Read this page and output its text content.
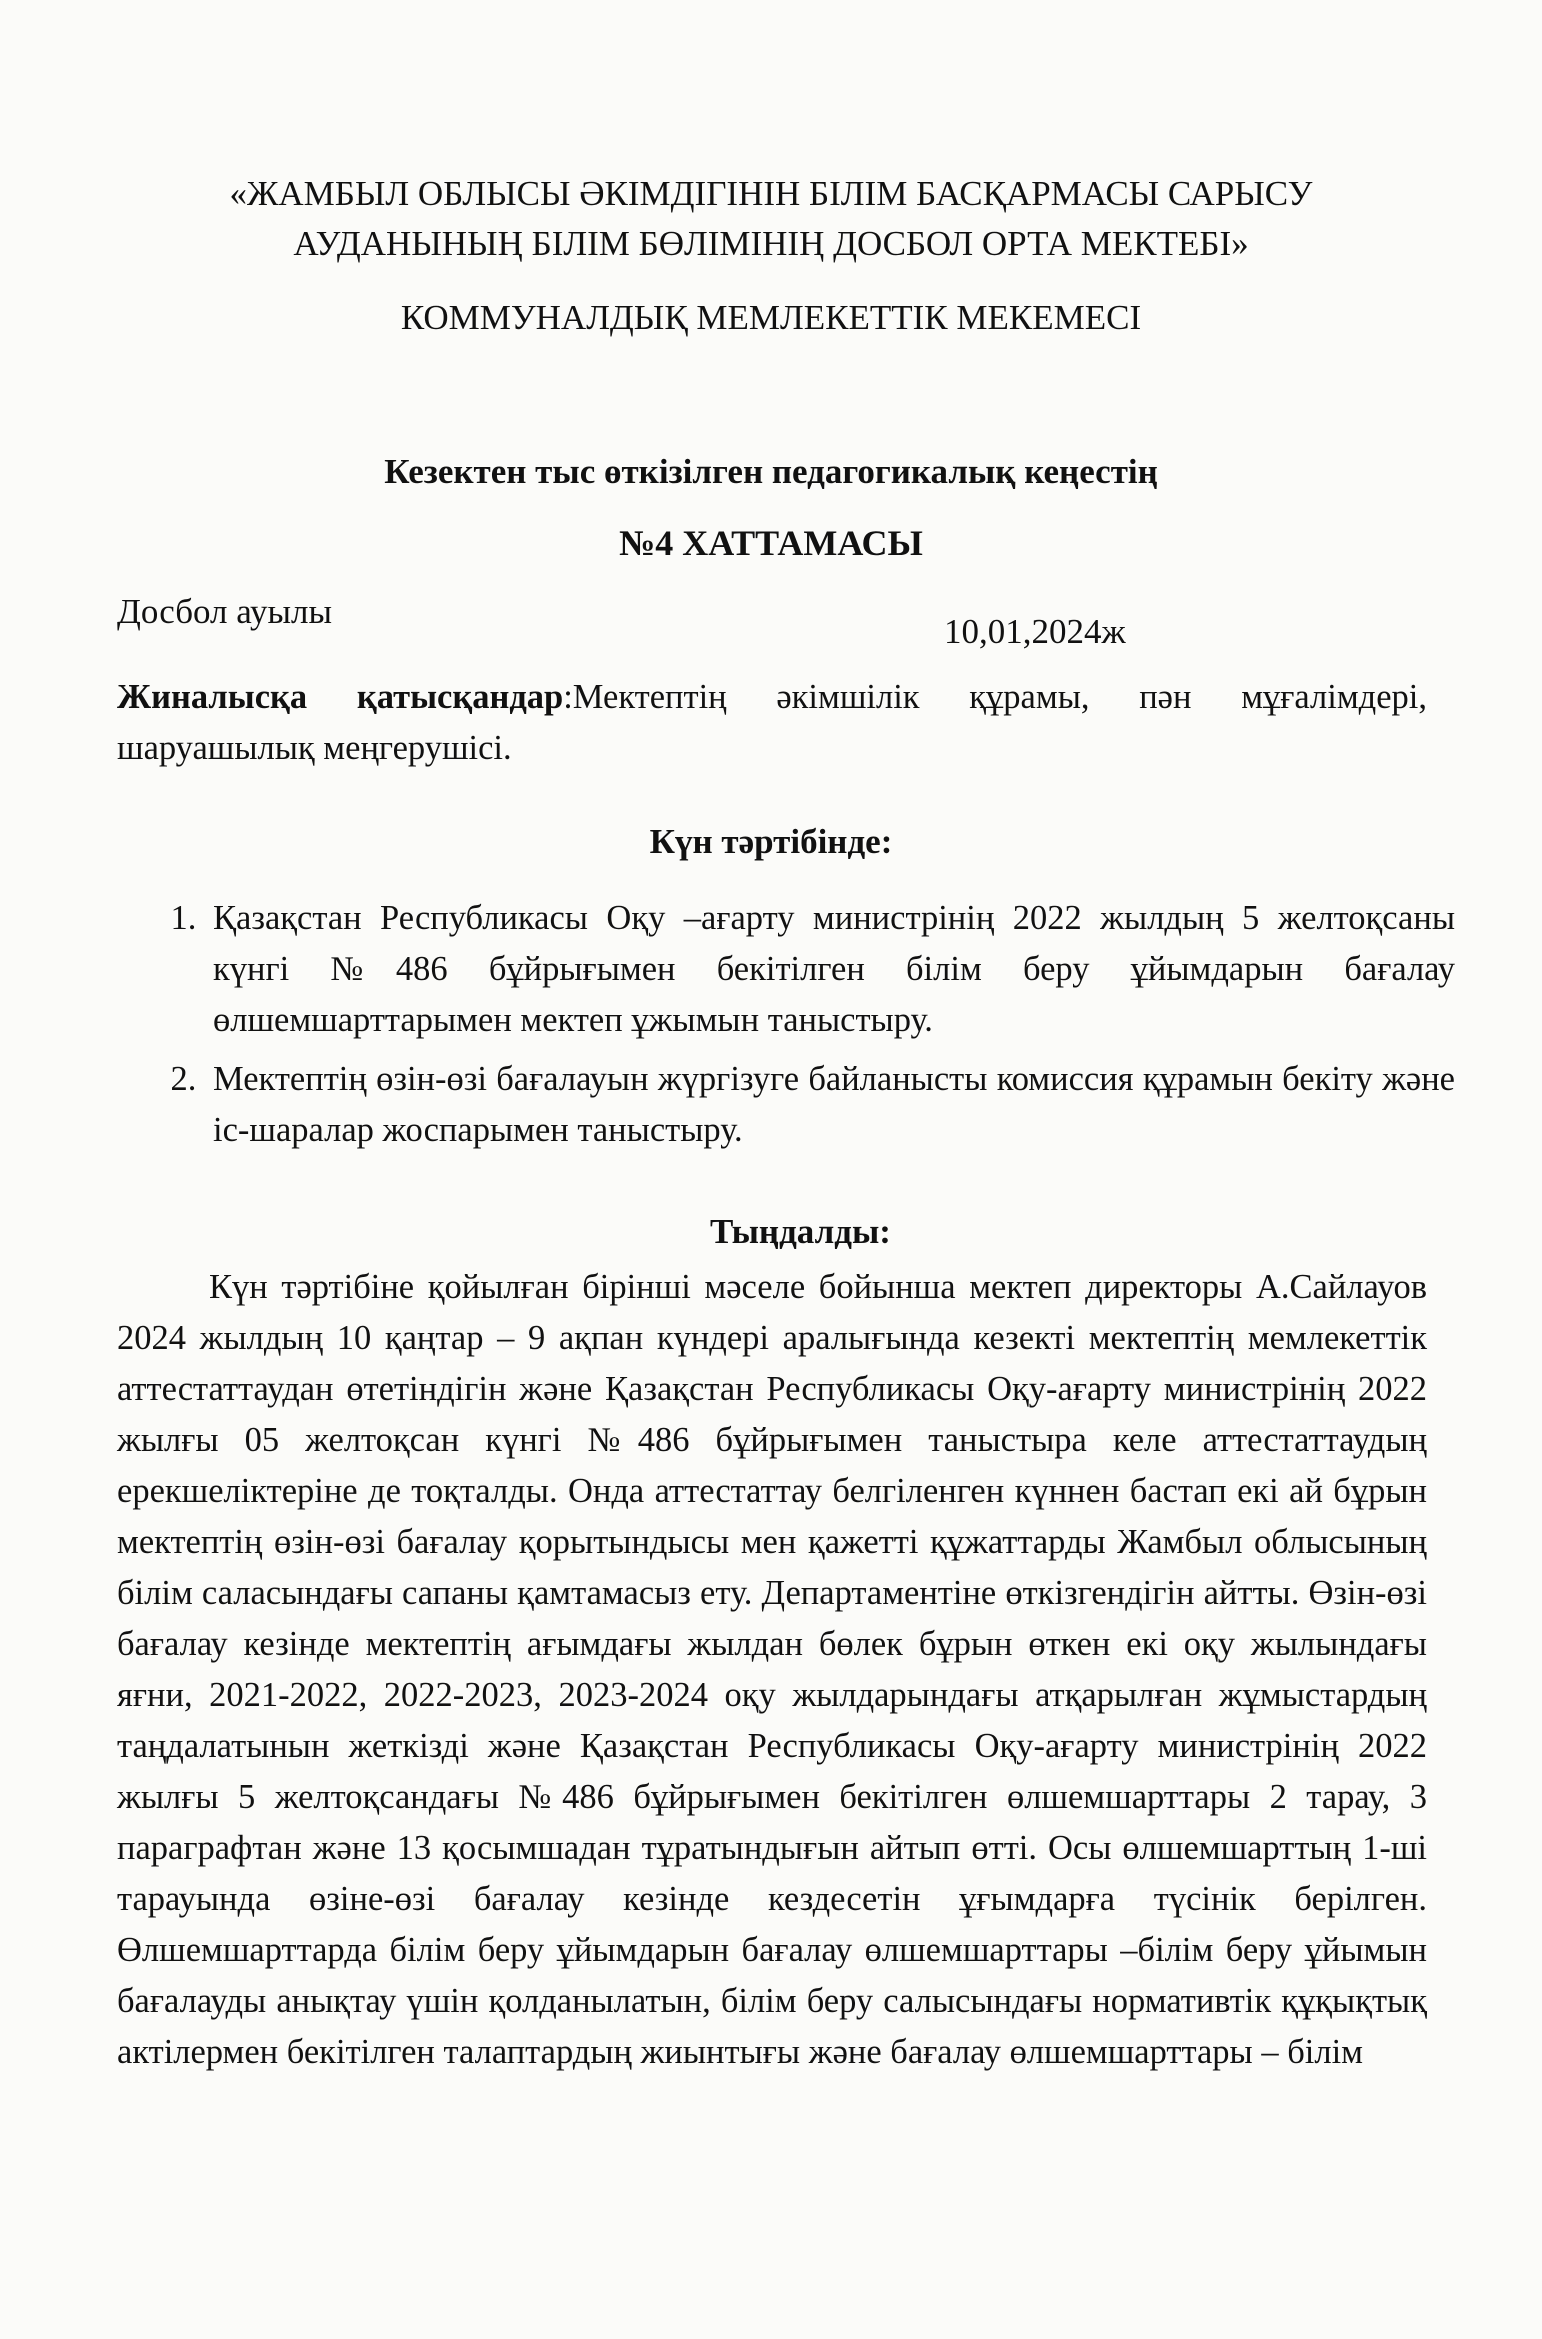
«ЖАМБЫЛ ОБЛЫСЫ ӘКІМДІГІНІН БІЛІМ БАСҚАРМАСЫ САРЫСУ
АУДАНЫНЫҢ БІЛІМ БӨЛІМІНІҢ ДОСБОЛ ОРТА МЕКТЕБІ»
КОММУНАЛДЫҚ МЕМЛЕКЕТТІК МЕКЕМЕСІ
Кезектен тыс өткізілген педагогикалық кеңестің
№4 ХАТТАМАСЫ
Досбол ауылы
10,01,2024ж

Жиналысқа қатысқандар:Мектептің әкімшілік құрамы, пән мұғалімдері, шаруашылық меңгерушісі.

Күн тәртібінде:
1. Қазақстан Республикасы Оқу –ағарту министрінің 2022 жылдың 5 желтоқсаны күнгі №486 бұйрығымен бекітілген білім беру ұйымдарын бағалау өлшемшарттарымен мектеп ұжымын таныстыру.
2. Мектептің өзін-өзі бағалауын жүргізуге байланысты комиссия құрамын бекіту және іс-шаралар жоспарымен таныстыру.
Тыңдалды:

Күн тәртібіне қойылған бірінші мәселе бойынша мектеп директоры А.Сайлауов 2024 жылдың 10 қаңтар – 9 ақпан күндері аралығында кезекті мектептің мемлекеттік аттестаттаудан өтетіндігін және Қазақстан Республикасы Оқу-ағарту министрінің 2022 жылғы 05 желтоқсан күнгі №486 бұйрығымен таныстыра келе аттестаттаудың ерекшеліктеріне де тоқталды. Онда аттестаттау белгіленген күннен бастап екі ай бұрын мектептің өзін-өзі бағалау қорытындысы мен қажетті құжаттарды Жамбыл облысының білім саласындағы сапаны қамтамасыз ету. Департаментіне өткізгендігін айтты. Өзін-өзі бағалау кезінде мектептің ағымдағы жылдан бөлек бұрын өткен екі оқу жылындағы яғни, 2021-2022, 2022-2023, 2023-2024 оқу жылдарындағы атқарылған жұмыстардың таңдалатынын жеткізді және Қазақстан Республикасы Оқу-ағарту министрінің 2022 жылғы 5 желтоқсандағы №486 бұйрығымен бекітілген өлшемшарттары 2 тарау, 3 параграфтан және 13 қосымшадан тұратындығын айтып өтті. Осы өлшемшарттың 1-ші тарауында өзіне-өзі бағалау кезінде кездесетін ұғымдарға түсінік берілген. Өлшемшарттарда білім беру ұйымдарын бағалау өлшемшарттары –білім беру ұйымын бағалауды анықтау үшін қолданылатын, білім беру салысындағы нормативтік құқықтық актілермен бекітілген талаптардың жиынтығы және бағалау өлшемшарттары – білім
